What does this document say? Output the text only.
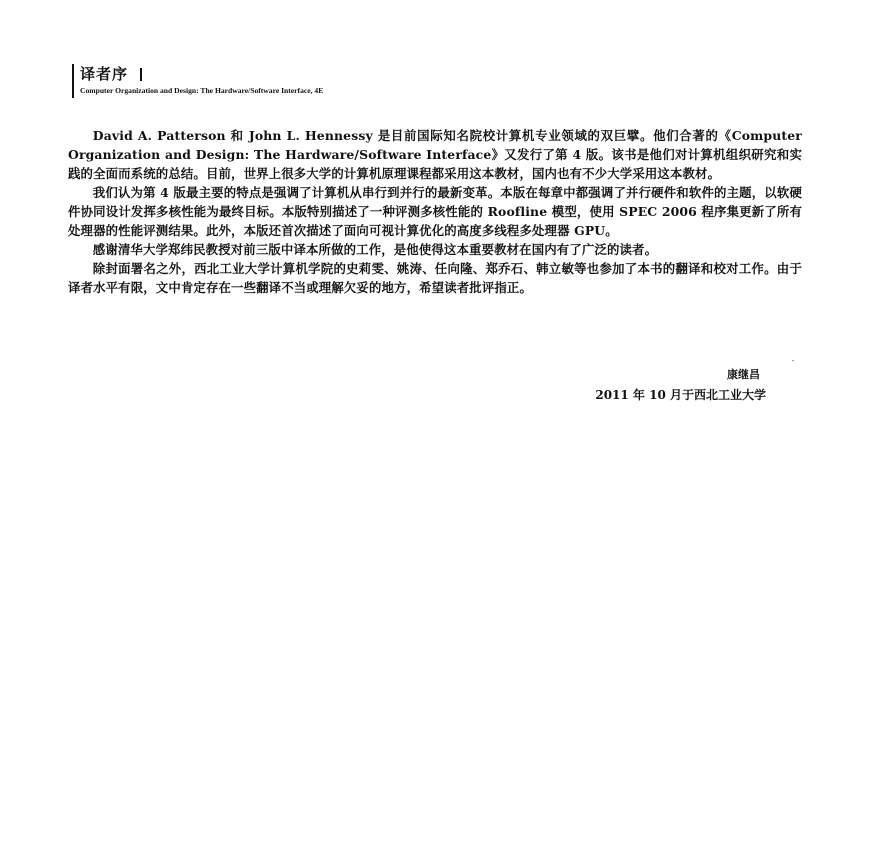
译者序
Computer Organization and Design: The Hardware/Software Interface, 4E

David A. Patterson 和 John L. Hennessy 是目前国际知名院校计算机专业领域的双巨擘。他们合著的《Computer Organization and Design: The Hardware/Software Interface》又发行了第 4 版。该书是他们对计算机组织研究和实践的全面而系统的总结。目前，世界上很多大学的计算机原理课程都采用这本教材，国内也有不少大学采用这本教材。

我们认为第 4 版最主要的特点是强调了计算机从串行到并行的最新变革。本版在每章中都强调了并行硬件和软件的主题，以软硬件协同设计发挥多核性能为最终目标。本版特别描述了一种评测多核性能的 Roofline 模型，使用 SPEC 2006 程序集更新了所有处理器的性能评测结果。此外，本版还首次描述了面向可视计算优化的高度多线程多处理器 GPU。

感谢清华大学郑纬民教授对前三版中译本所做的工作，是他使得这本重要教材在国内有了广泛的读者。

除封面署名之外，西北工业大学计算机学院的史莉雯、姚涛、任向隆、郑乔石、韩立敏等也参加了本书的翻译和校对工作。由于译者水平有限，文中肯定存在一些翻译不当或理解欠妥的地方，希望读者批评指正。

康继昌
2011 年 10 月于西北工业大学
